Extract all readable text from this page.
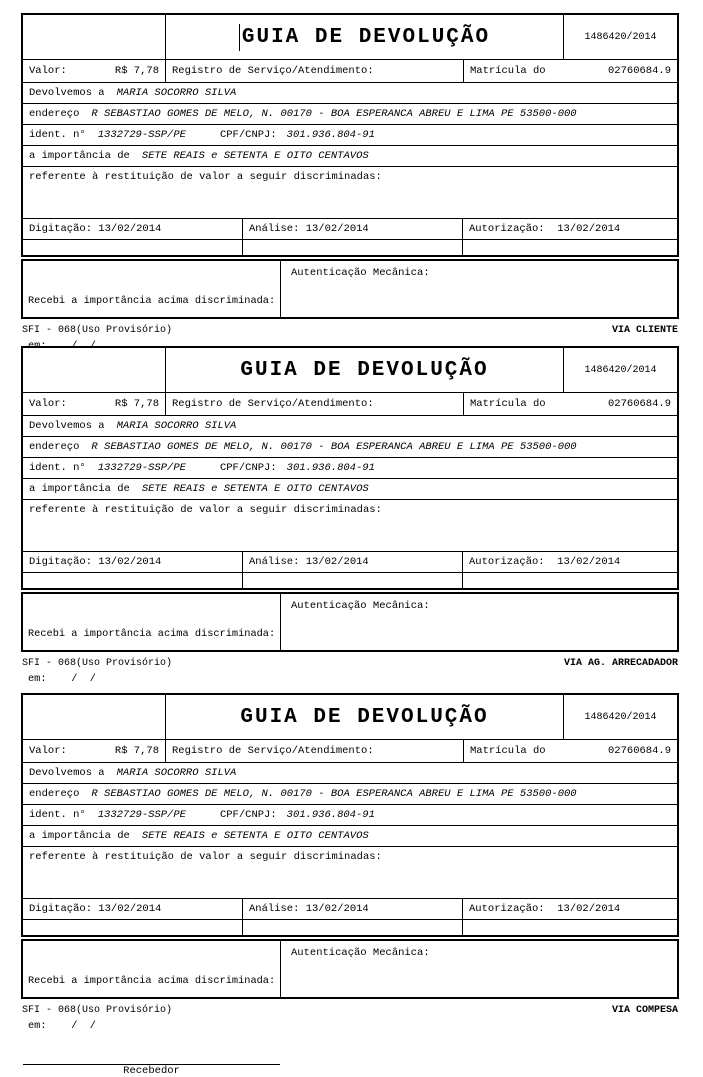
GUIA DE DEVOLUÇÃO	1486420/2014
Valor:	R$ 7,78 Registro de Serviço/Atendimento:	Matrícula do	02760684.9
Devolvemos a MARIA SOCORRO SILVA
endereço R SEBASTIAO GOMES DE MELO, N. 00170 - BOA ESPERANCA ABREU E LIMA PE 53500-000
ident. n° 1332729-SSP/PE	CPF/CNPJ: 301.936.804-91
a importância de SETE REAIS e SETENTA E OITO CENTAVOS
referente à restituição de valor a seguir discriminadas:
Digitação: 13/02/2014	Análise: 13/02/2014	Autorização:  13/02/2014

Recebi a importância acima discriminada:

Autenticação Mecânica:
SFI - 068(Uso Provisório)	VIA CLIENTE
GUIA DE DEVOLUÇÃO	1486420/2014
Valor:	R$ 7,78 Registro de Serviço/Atendimento:	Matrícula do	02760684.9
Devolvemos a MARIA SOCORRO SILVA
endereço R SEBASTIAO GOMES DE MELO, N. 00170 - BOA ESPERANCA ABREU E LIMA PE 53500-000
ident. n° 1332729-SSP/PE	CPF/CNPJ: 301.936.804-91
a importância de SETE REAIS e SETENTA E OITO CENTAVOS
referente à restituição de valor a seguir discriminadas:
Digitação: 13/02/2014	Análise: 13/02/2014	Autorização:  13/02/2014

Recebi a importância acima discriminada:

em:    /  /

Autenticação Mecânica:
SFI - 068(Uso Provisório)	VIA AG. ARRECADADOR
GUIA DE DEVOLUÇÃO	1486420/2014
Valor:	R$ 7,78 Registro de Serviço/Atendimento:	Matrícula do	02760684.9
Devolvemos a MARIA SOCORRO SILVA
endereço R SEBASTIAO GOMES DE MELO, N. 00170 - BOA ESPERANCA ABREU E LIMA PE 53500-000
ident. n° 1332729-SSP/PE	CPF/CNPJ: 301.936.804-91
a importância de SETE REAIS e SETENTA E OITO CENTAVOS
referente à restituição de valor a seguir discriminadas:
Digitação: 13/02/2014	Análise: 13/02/2014	Autorização:  13/02/2014

Recebi a importância acima discriminada:

em:    /  /

Recebedor
Autenticação Mecânica:
SFI - 068(Uso Provisório)	VIA COMPESA
